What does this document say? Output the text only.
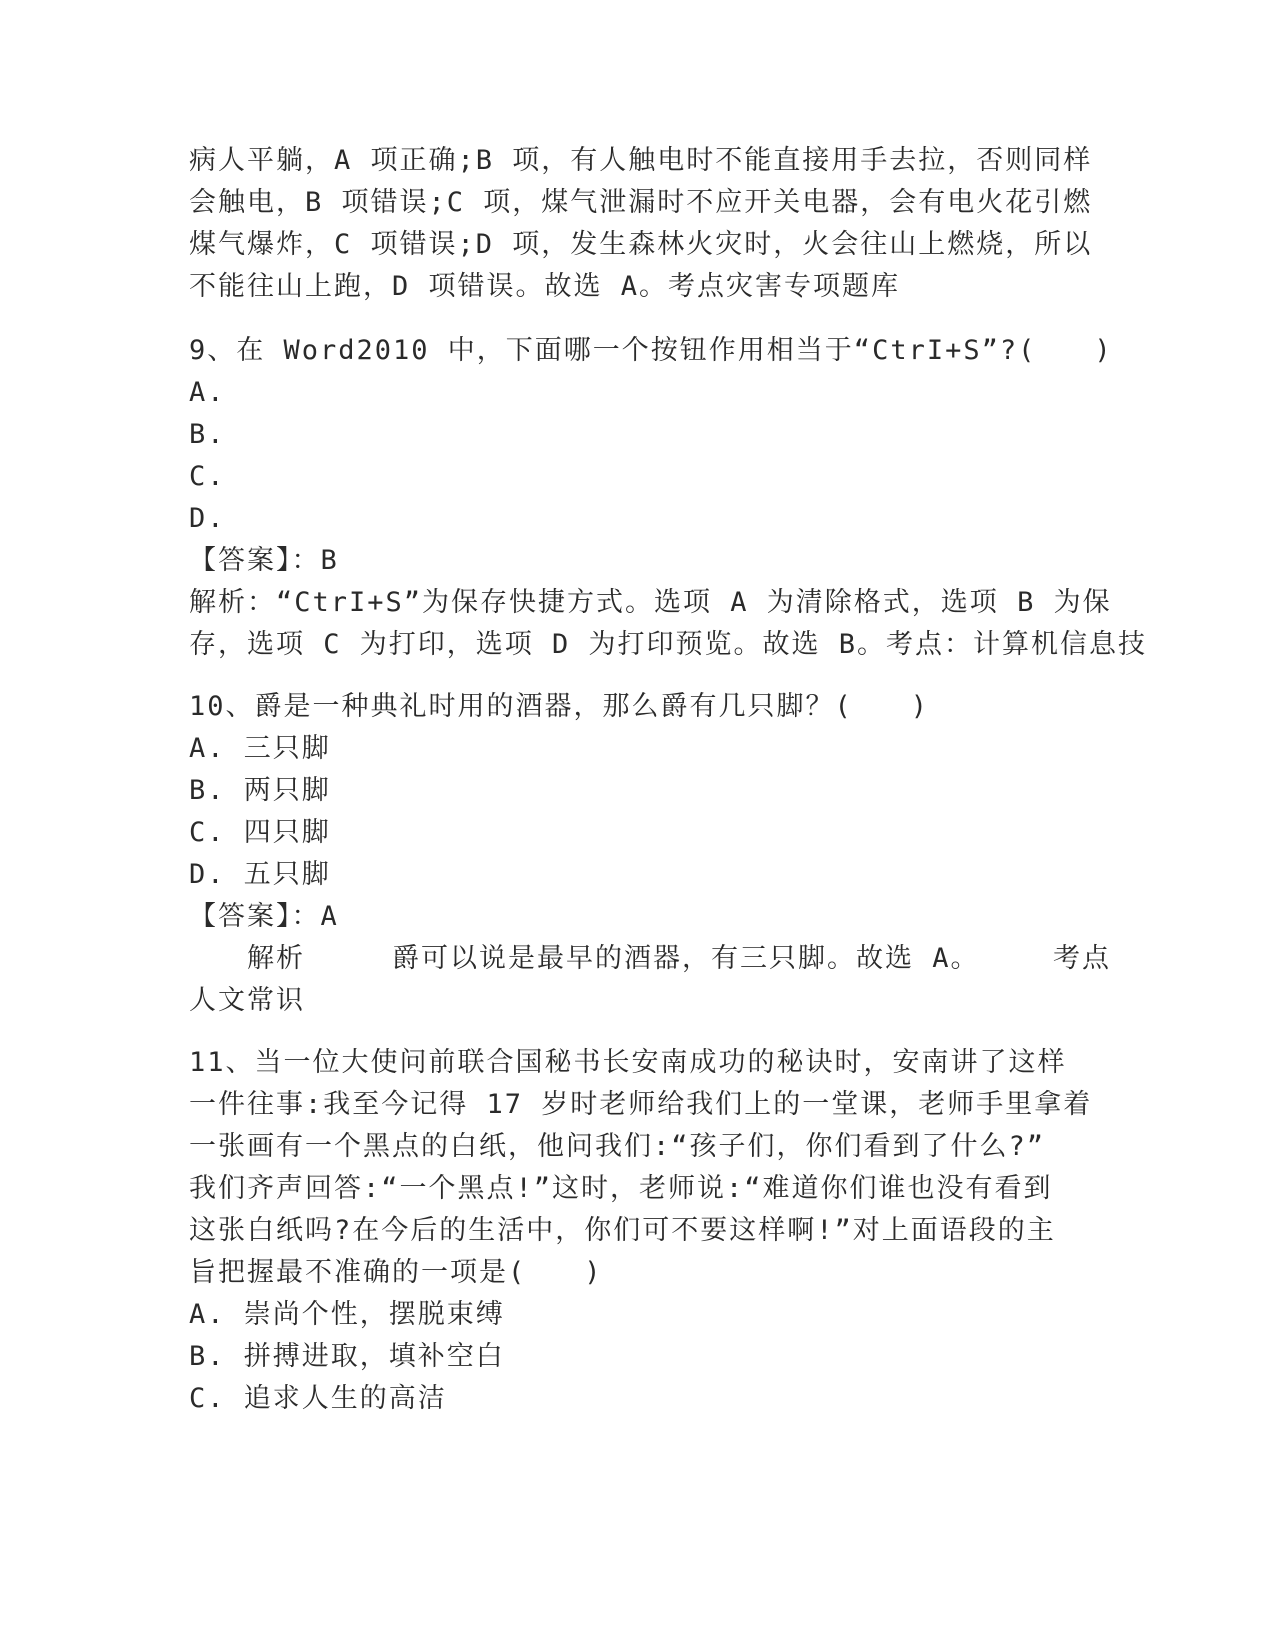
病人平躺，A 项正确;B 项，有人触电时不能直接用手去拉，否则同样
会触电，B 项错误;C 项，煤气泄漏时不应开关电器，会有电火花引燃
煤气爆炸，C 项错误;D 项，发生森林火灾时，火会往山上燃烧，所以
不能往山上跑，D 项错误。故选 A。考点灾害专项题库
9、在 Word2010 中，下面哪一个按钮作用相当于“CtrI+S”?(　　)
A.
B.
C.
D.
【答案】：B
解析：“CtrI+S”为保存快捷方式。选项 A 为清除格式，选项 B 为保
存，选项 C 为打印，选项 D 为打印预览。故选 B。考点：计算机信息技
10、爵是一种典礼时用的酒器，那么爵有几只脚？(　　)
A. 三只脚
B. 两只脚
C. 四只脚
D. 五只脚
【答案】：A
　　解析　　　爵可以说是最早的酒器，有三只脚。故选 A。　　　考点
人文常识
11、当一位大使问前联合国秘书长安南成功的秘诀时，安南讲了这样
一件往事:我至今记得 17 岁时老师给我们上的一堂课，老师手里拿着
一张画有一个黑点的白纸，他问我们:“孩子们，你们看到了什么?”
我们齐声回答:“一个黑点!”这时，老师说:“难道你们谁也没有看到
这张白纸吗?在今后的生活中，你们可不要这样啊!”对上面语段的主
旨把握最不准确的一项是(　　)
A. 崇尚个性，摆脱束缚
B. 拼搏进取，填补空白
C. 追求人生的高洁
